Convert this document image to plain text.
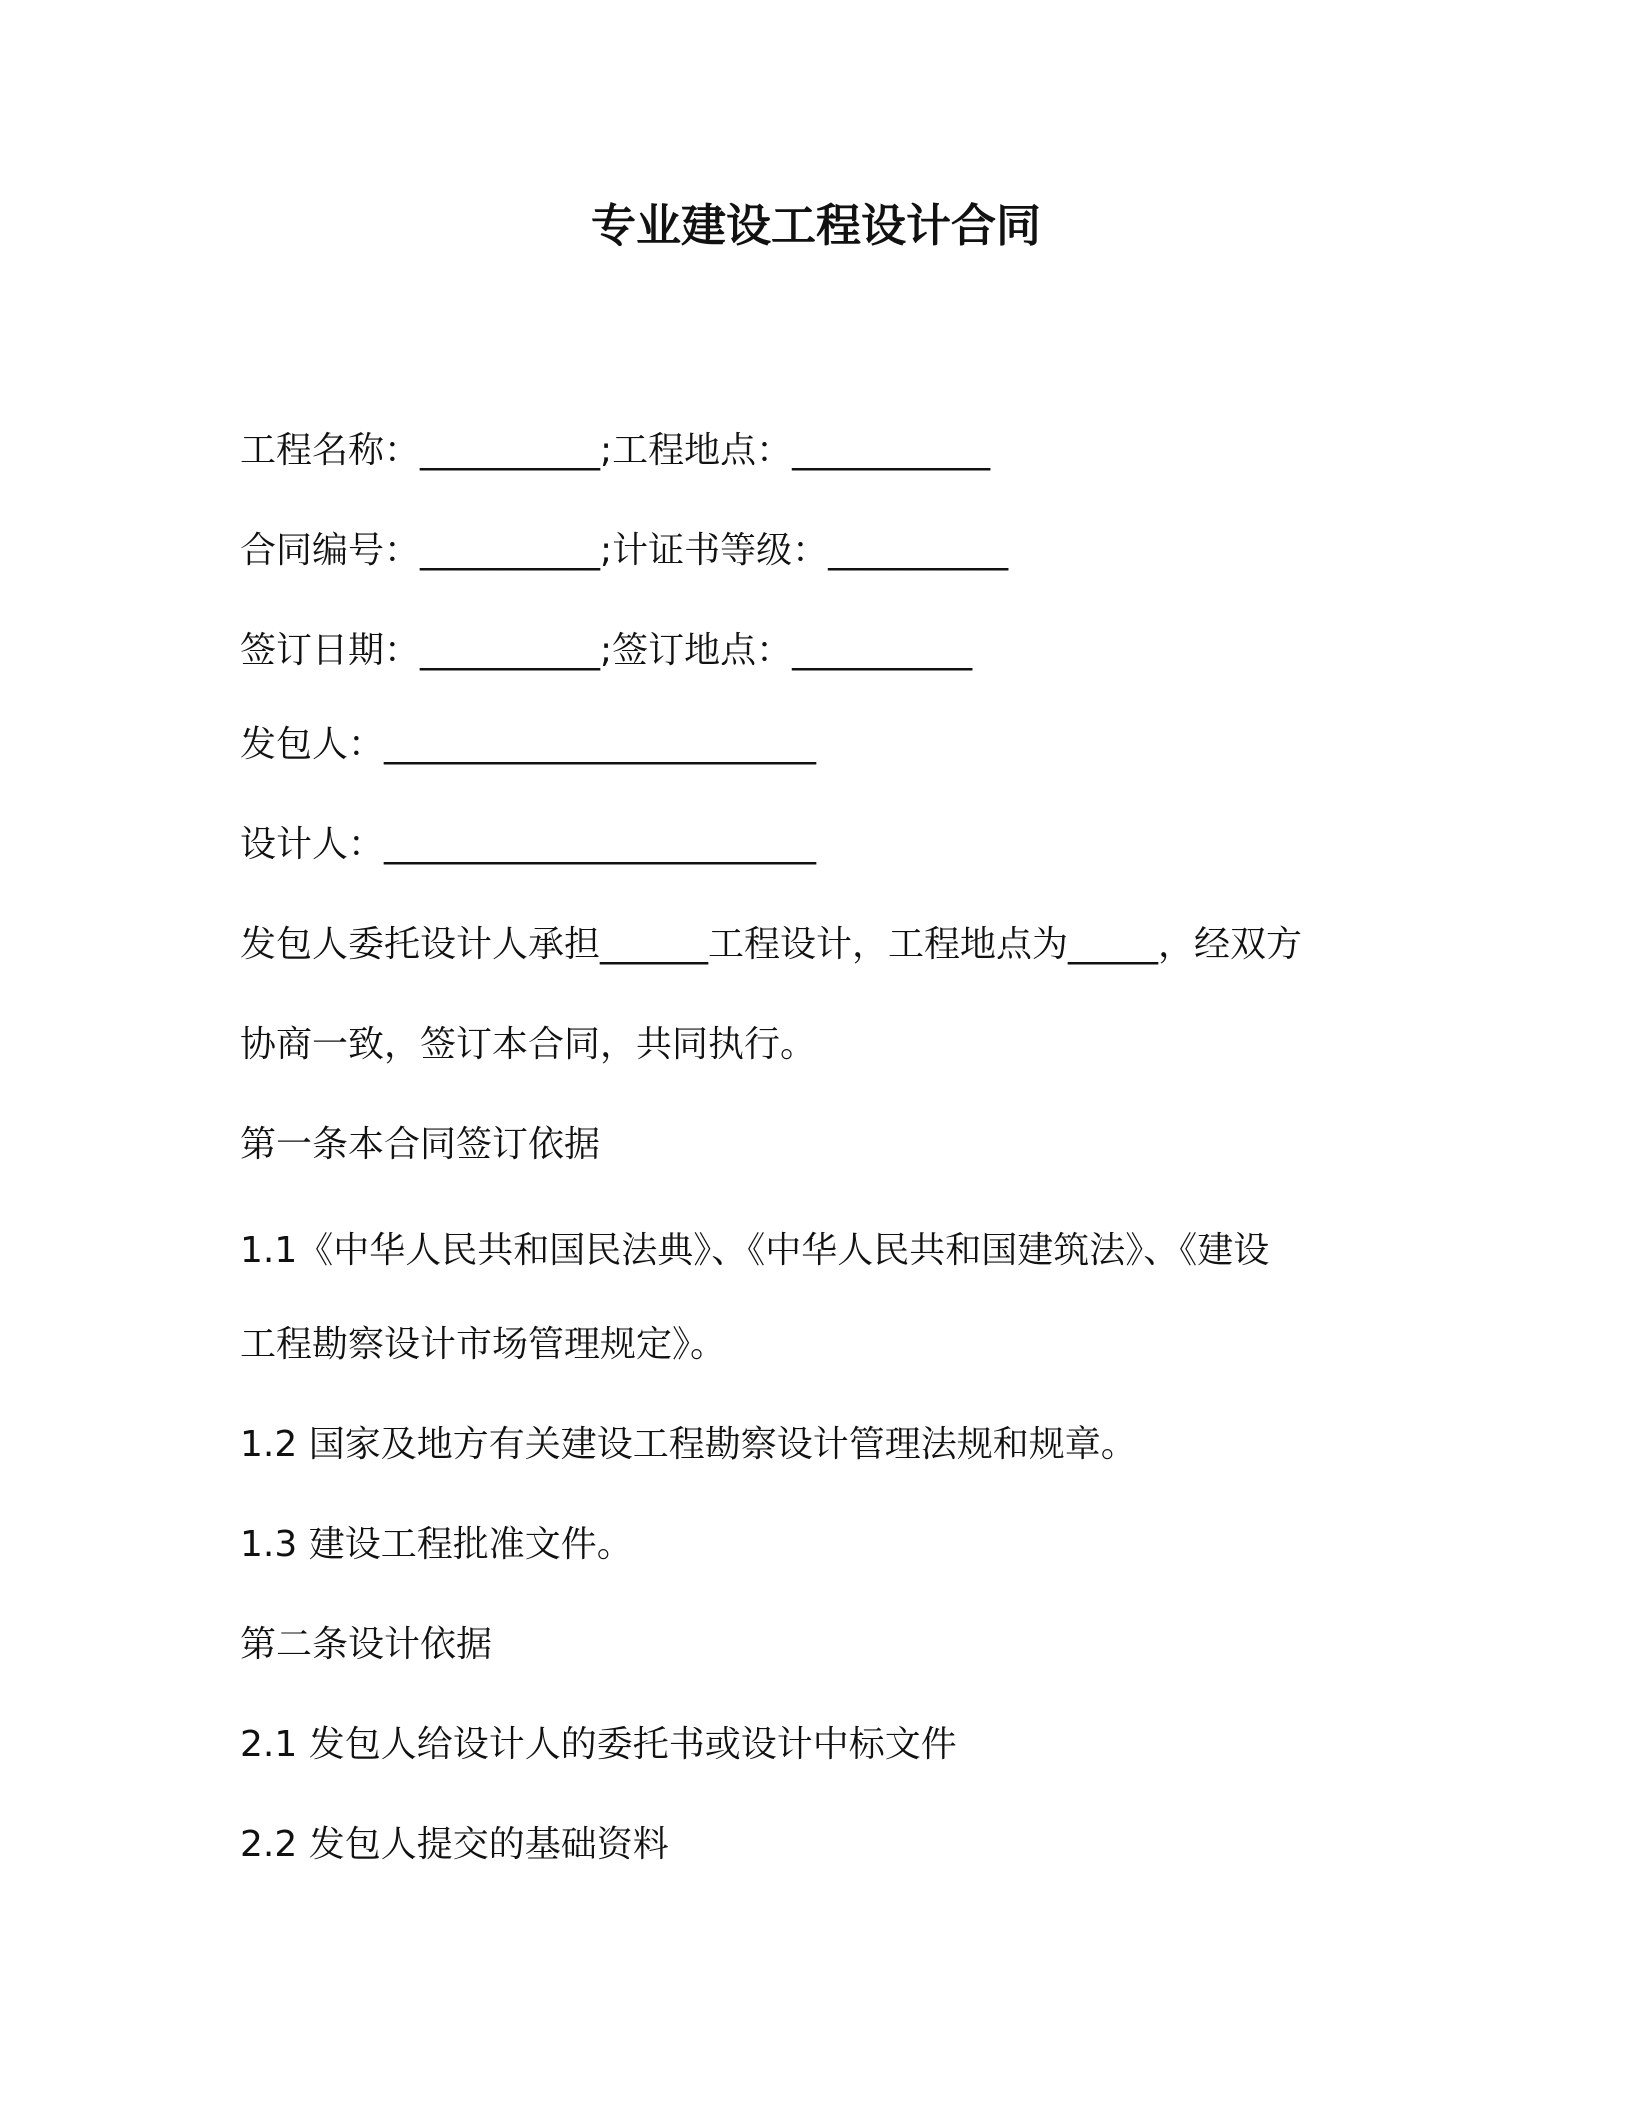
专业建设工程设计合同
工程名称：__________;工程地点：___________
合同编号：__________;计证书等级：__________
签订日期：__________;签订地点：__________
发包人：________________________
设计人：________________________
发包人委托设计人承担______工程设计，工程地点为_____，经双方
协商一致，签订本合同，共同执行。
第一条本合同签订依据
1.1《中华人民共和国民法典》、《中华人民共和国建筑法》、《建设
工程勘察设计市场管理规定》。
1.2 国家及地方有关建设工程勘察设计管理法规和规章。
1.3 建设工程批准文件。
第二条设计依据
2.1 发包人给设计人的委托书或设计中标文件
2.2 发包人提交的基础资料
